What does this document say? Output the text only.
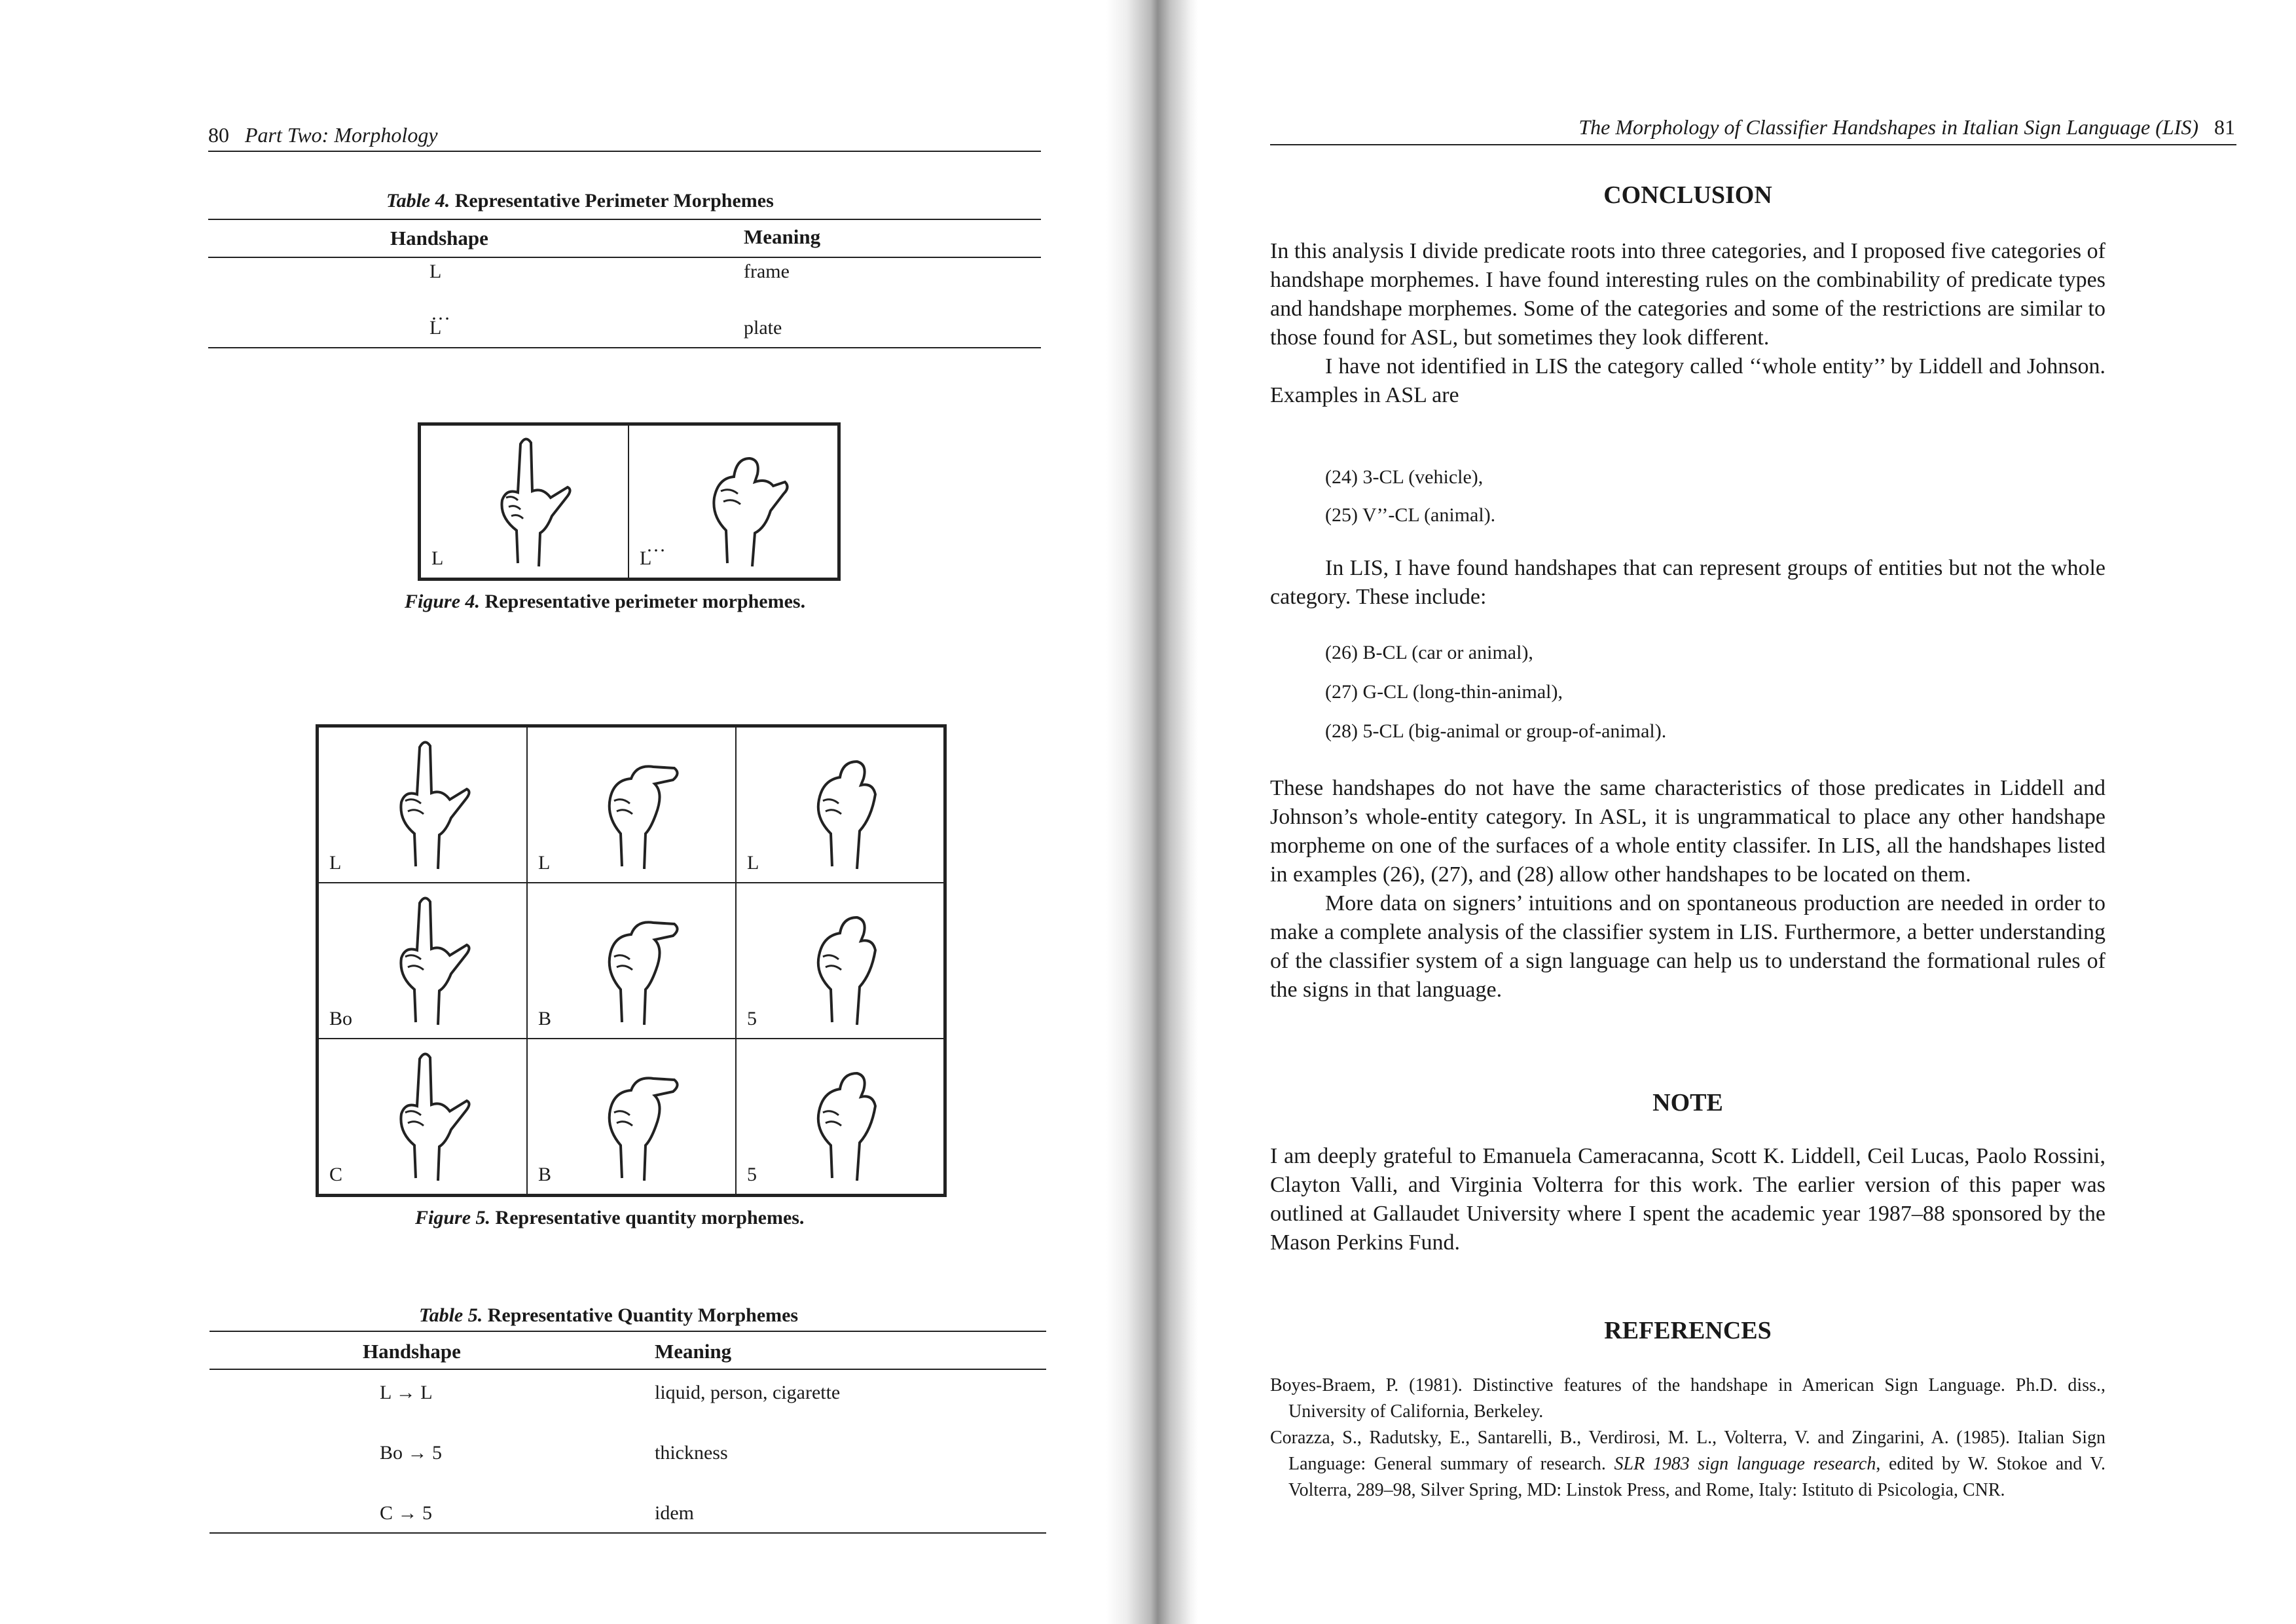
80 Part Two: Morphology
Table 4. Representative Perimeter Morphemes
Handshape	Meaning
L	frame
…
L	plate
L
…
L
Figure 4. Representative perimeter morphemes.
L	L	L
Bo	B	5
C	B	5
Figure 5. Representative quantity morphemes.
Table 5. Representative Quantity Morphemes
Handshape	Meaning
L → L	liquid, person, cigarette
Bo → 5	thickness
C → 5	idem
The Morphology of Classifier Handshapes in Italian Sign Language (LIS) 81
CONCLUSION

In this analysis I divide predicate roots into three categories, and I proposed five categories of handshape morphemes. I have found interesting rules on the combinability of predicate types and handshape morphemes. Some of the categories and some of the restrictions are similar to those found for ASL, but sometimes they look different.

I have not identified in LIS the category called ‘‘whole entity’’ by Liddell and Johnson. Examples in ASL are

(24) 3-CL (vehicle),
(25) V’’-CL (animal).

In LIS, I have found handshapes that can represent groups of entities but not the whole category. These include:

(26) B-CL (car or animal),
(27) G-CL (long-thin-animal),
(28) 5-CL (big-animal or group-of-animal).

These handshapes do not have the same characteristics of those predicates in Liddell and Johnson’s whole-entity category. In ASL, it is ungrammatical to place any other handshape morpheme on one of the surfaces of a whole entity classifer. In LIS, all the handshapes listed in examples (26), (27), and (28) allow other handshapes to be located on them.

More data on signers’ intuitions and on spontaneous production are needed in order to make a complete analysis of the classifier system in LIS. Furthermore, a better understanding of the classifier system of a sign language can help us to understand the formational rules of the signs in that language.

NOTE

I am deeply grateful to Emanuela Cameracanna, Scott K. Liddell, Ceil Lucas, Paolo Rossini, Clayton Valli, and Virginia Volterra for this work. The earlier version of this paper was outlined at Gallaudet University where I spent the academic year 1987–88 sponsored by the Mason Perkins Fund.

REFERENCES
Boyes-Braem, P. (1981). Distinctive features of the handshape in American Sign Language. Ph.D. diss., University of California, Berkeley.
Corazza, S., Radutsky, E., Santarelli, B., Verdirosi, M. L., Volterra, V. and Zingarini, A. (1985). Italian Sign Language: General summary of research. SLR 1983 sign language research, edited by W. Stokoe and V. Volterra, 289–98, Silver Spring, MD: Linstok Press, and Rome, Italy: Istituto di Psicologia, CNR.
